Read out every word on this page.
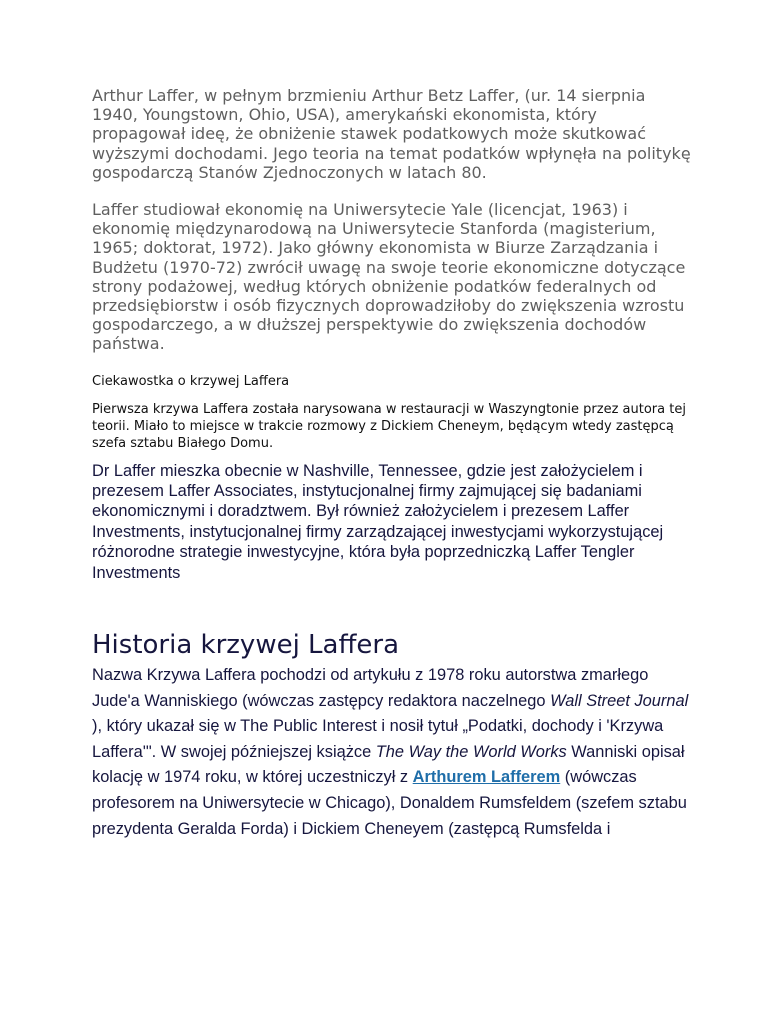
Arthur Laffer, w pełnym brzmieniu Arthur Betz Laffer, (ur. 14 sierpnia 1940, Youngstown, Ohio, USA), amerykański ekonomista, który propagował ideę, że obniżenie stawek podatkowych może skutkować wyższymi dochodami. Jego teoria na temat podatków wpłynęła na politykę gospodarczą Stanów Zjednoczonych w latach 80.

Laffer studiował ekonomię na Uniwersytecie Yale (licencjat, 1963) i ekonomię międzynarodową na Uniwersytecie Stanforda (magisterium, 1965; doktorat, 1972). Jako główny ekonomista w Biurze Zarządzania i Budżetu (1970-72) zwrócił uwagę na swoje teorie ekonomiczne dotyczące strony podażowej, według których obniżenie podatków federalnych od przedsiębiorstw i osób fizycznych doprowadziłoby do zwiększenia wzrostu gospodarczego, a w dłuższej perspektywie do zwiększenia dochodów państwa.

Ciekawostka o krzywej Laffera

Pierwsza krzywa Laffera została narysowana w restauracji w Waszyngtonie przez autora tej teorii. Miało to miejsce w trakcie rozmowy z Dickiem Cheneym, będącym wtedy zastępcą szefa sztabu Białego Domu.

Dr Laffer mieszka obecnie w Nashville, Tennessee, gdzie jest założycielem i prezesem Laffer Associates, instytucjonalnej firmy zajmującej się badaniami ekonomicznymi i doradztwem. Był również założycielem i prezesem Laffer Investments, instytucjonalnej firmy zarządzającej inwestycjami wykorzystującej różnorodne strategie inwestycyjne, która była poprzedniczką Laffer Tengler Investments

Historia krzywej Laffera

Nazwa Krzywa Laffera pochodzi od artykułu z 1978 roku autorstwa zmarłego Jude'a Wanniskiego (wówczas zastępcy redaktora naczelnego Wall Street Journal ), który ukazał się w The Public Interest i nosił tytuł „Podatki, dochody i 'Krzywa Laffera'". W swojej późniejszej książce The Way the World Works Wanniski opisał kolację w 1974 roku, w której uczestniczył z Arthurem Lafferem (wówczas profesorem na Uniwersytecie w Chicago), Donaldem Rumsfeldem (szefem sztabu prezydenta Geralda Forda) i Dickiem Cheneyem (zastępcą Rumsfelda i
